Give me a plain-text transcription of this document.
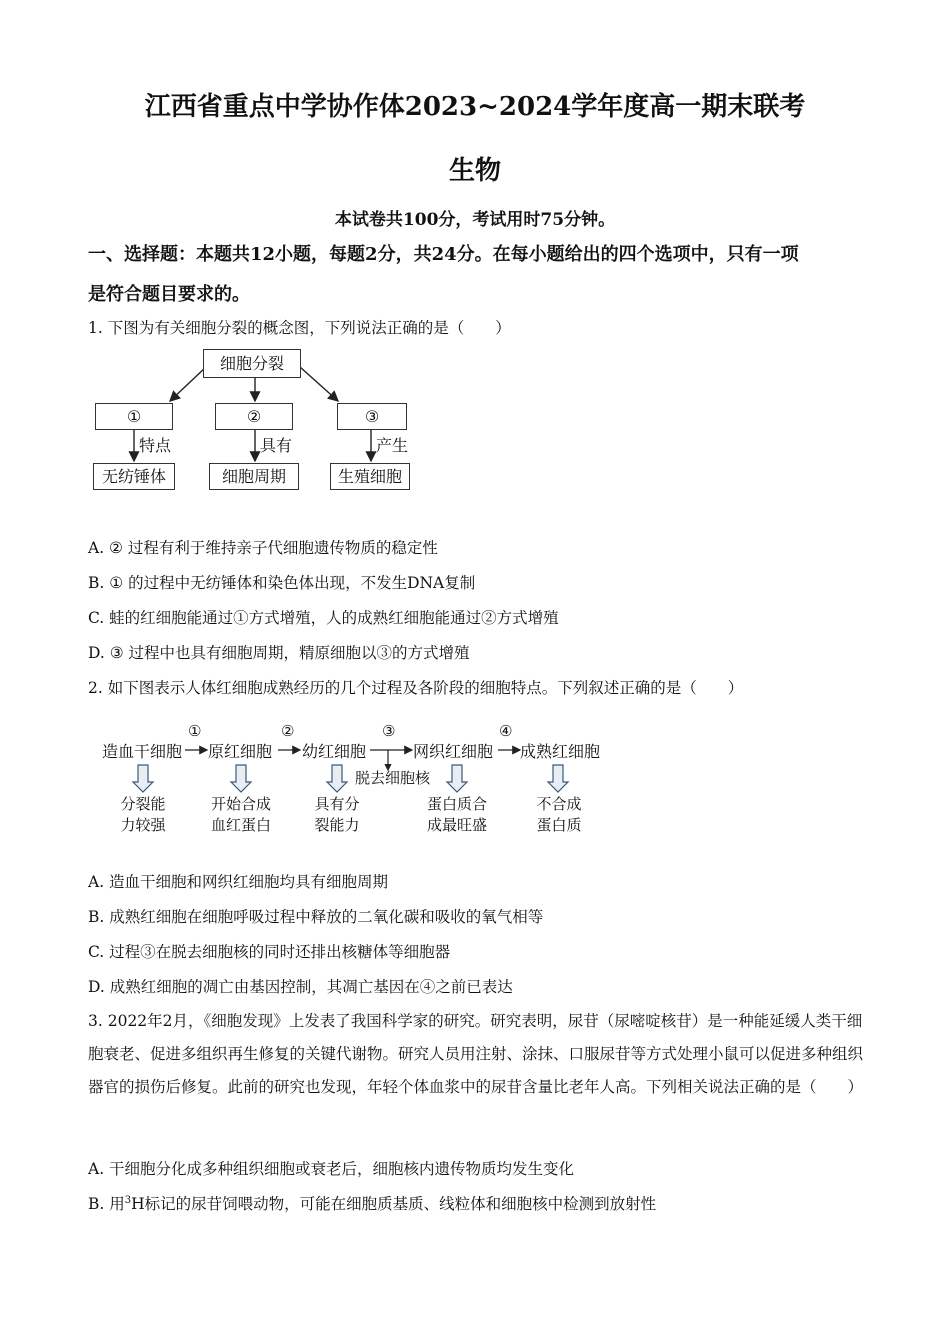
江西省重点中学协作体2023~2024学年度高一期末联考
生物
本试卷共100分，考试用时75分钟。
一、选择题：本题共12小题，每题2分，共24分。在每小题给出的四个选项中，只有一项
是符合题目要求的。
1. 下图为有关细胞分裂的概念图，下列说法正确的是（　　）
细胞分裂
①	②	③
特点	具有	产生
无纺锤体	细胞周期	生殖细胞
A. ② 过程有利于维持亲子代细胞遗传物质的稳定性
B. ① 的过程中无纺锤体和染色体出现，不发生DNA复制
C. 蛙的红细胞能通过①方式增殖，人的成熟红细胞能通过②方式增殖
D. ③ 过程中也具有细胞周期，精原细胞以③的方式增殖
2. 如下图表示人体红细胞成熟经历的几个过程及各阶段的细胞特点。下列叙述正确的是（　　）
造血干细胞 原红细胞 幼红细胞	网织红细胞 成熟红细胞
①	②	③	④
脱去细胞核
分裂能
力较强
开始合成
血红蛋白
具有分
裂能力
蛋白质合
成最旺盛
不合成
蛋白质
A. 造血干细胞和网织红细胞均具有细胞周期
B. 成熟红细胞在细胞呼吸过程中释放的二氧化碳和吸收的氧气相等
C. 过程③在脱去细胞核的同时还排出核糖体等细胞器
D. 成熟红细胞的凋亡由基因控制，其凋亡基因在④之前已表达
3. 2022年2月，《细胞发现》上发表了我国科学家的研究。研究表明，尿苷（尿嘧啶核苷）是一种能延缓人类干细胞衰老、促进多组织再生修复的关键代谢物。研究人员用注射、涂抹、口服尿苷等方式处理小鼠可以促进多种组织器官的损伤后修复。此前的研究也发现，年轻个体血浆中的尿苷含量比老年人高。下列相关说法正确的是（　　）
A. 干细胞分化成多种组织细胞或衰老后，细胞核内遗传物质均发生变化
B. 用$^3$H标记的尿苷饲喂动物，可能在细胞质基质、线粒体和细胞核中检测到放射性
